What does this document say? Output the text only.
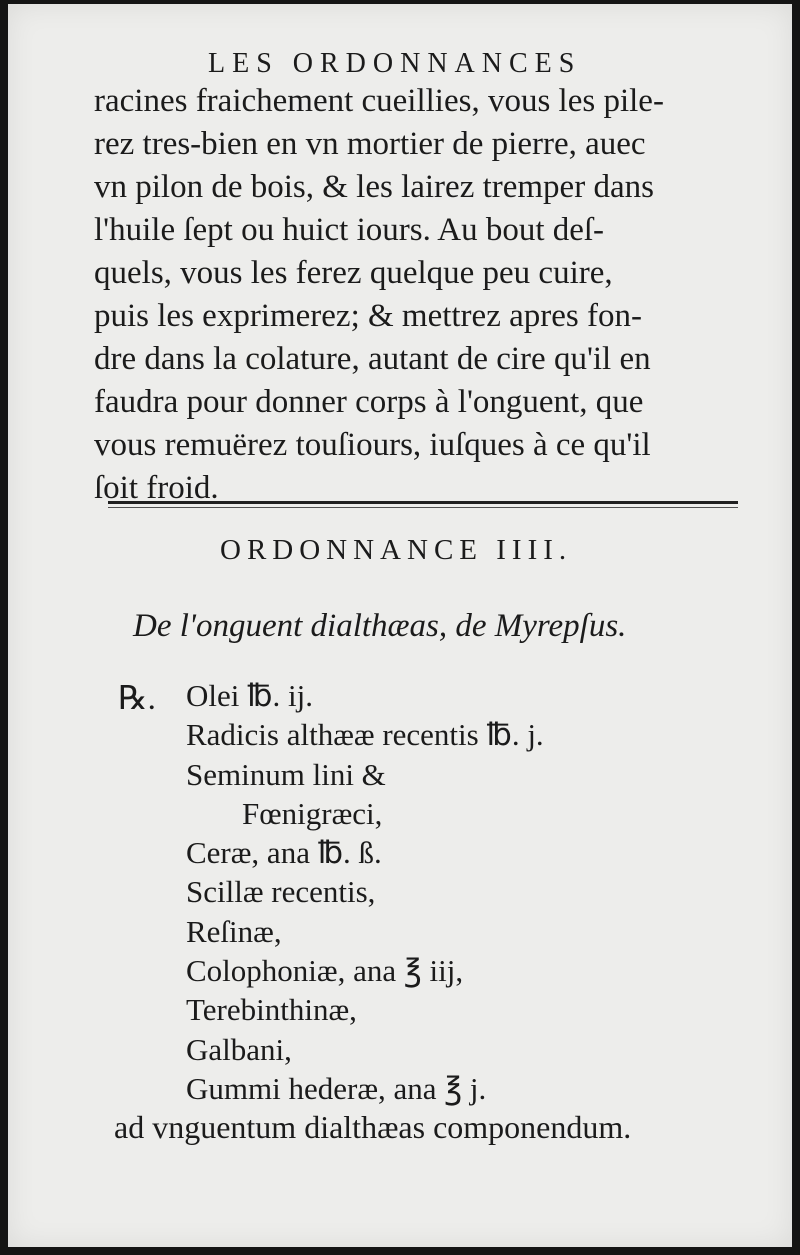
LES ORDONNANCES
racines fraichement cueillies, vous les pile-
rez tres-bien en vn mortier de pierre, auec
vn pilon de bois, & les lairez tremper dans
l'huile ſept ou huict iours. Au bout deſ-
quels, vous les ferez quelque peu cuire,
puis les exprimerez; & mettrez apres fon-
dre dans la colature, autant de cire qu'il en
faudra pour donner corps à l'onguent, que
vous remuërez touſiours, iuſques à ce qu'il
ſoit froid.
ORDONNANCE IIII.
De l'onguent dialthæas, de Myrepſus.
℞. Olei ℔. ij.
Radicis althææ recentis ℔. j.
Seminum lini &
Fœnigræci,
Ceræ, ana ℔. ß.
Scillæ recentis,
Reſinæ,
Colophoniæ, ana ℥ iij,
Terebinthinæ,
Galbani,
Gummi hederæ, ana ℥ j.
ad vnguentum dialthæas componendum.
